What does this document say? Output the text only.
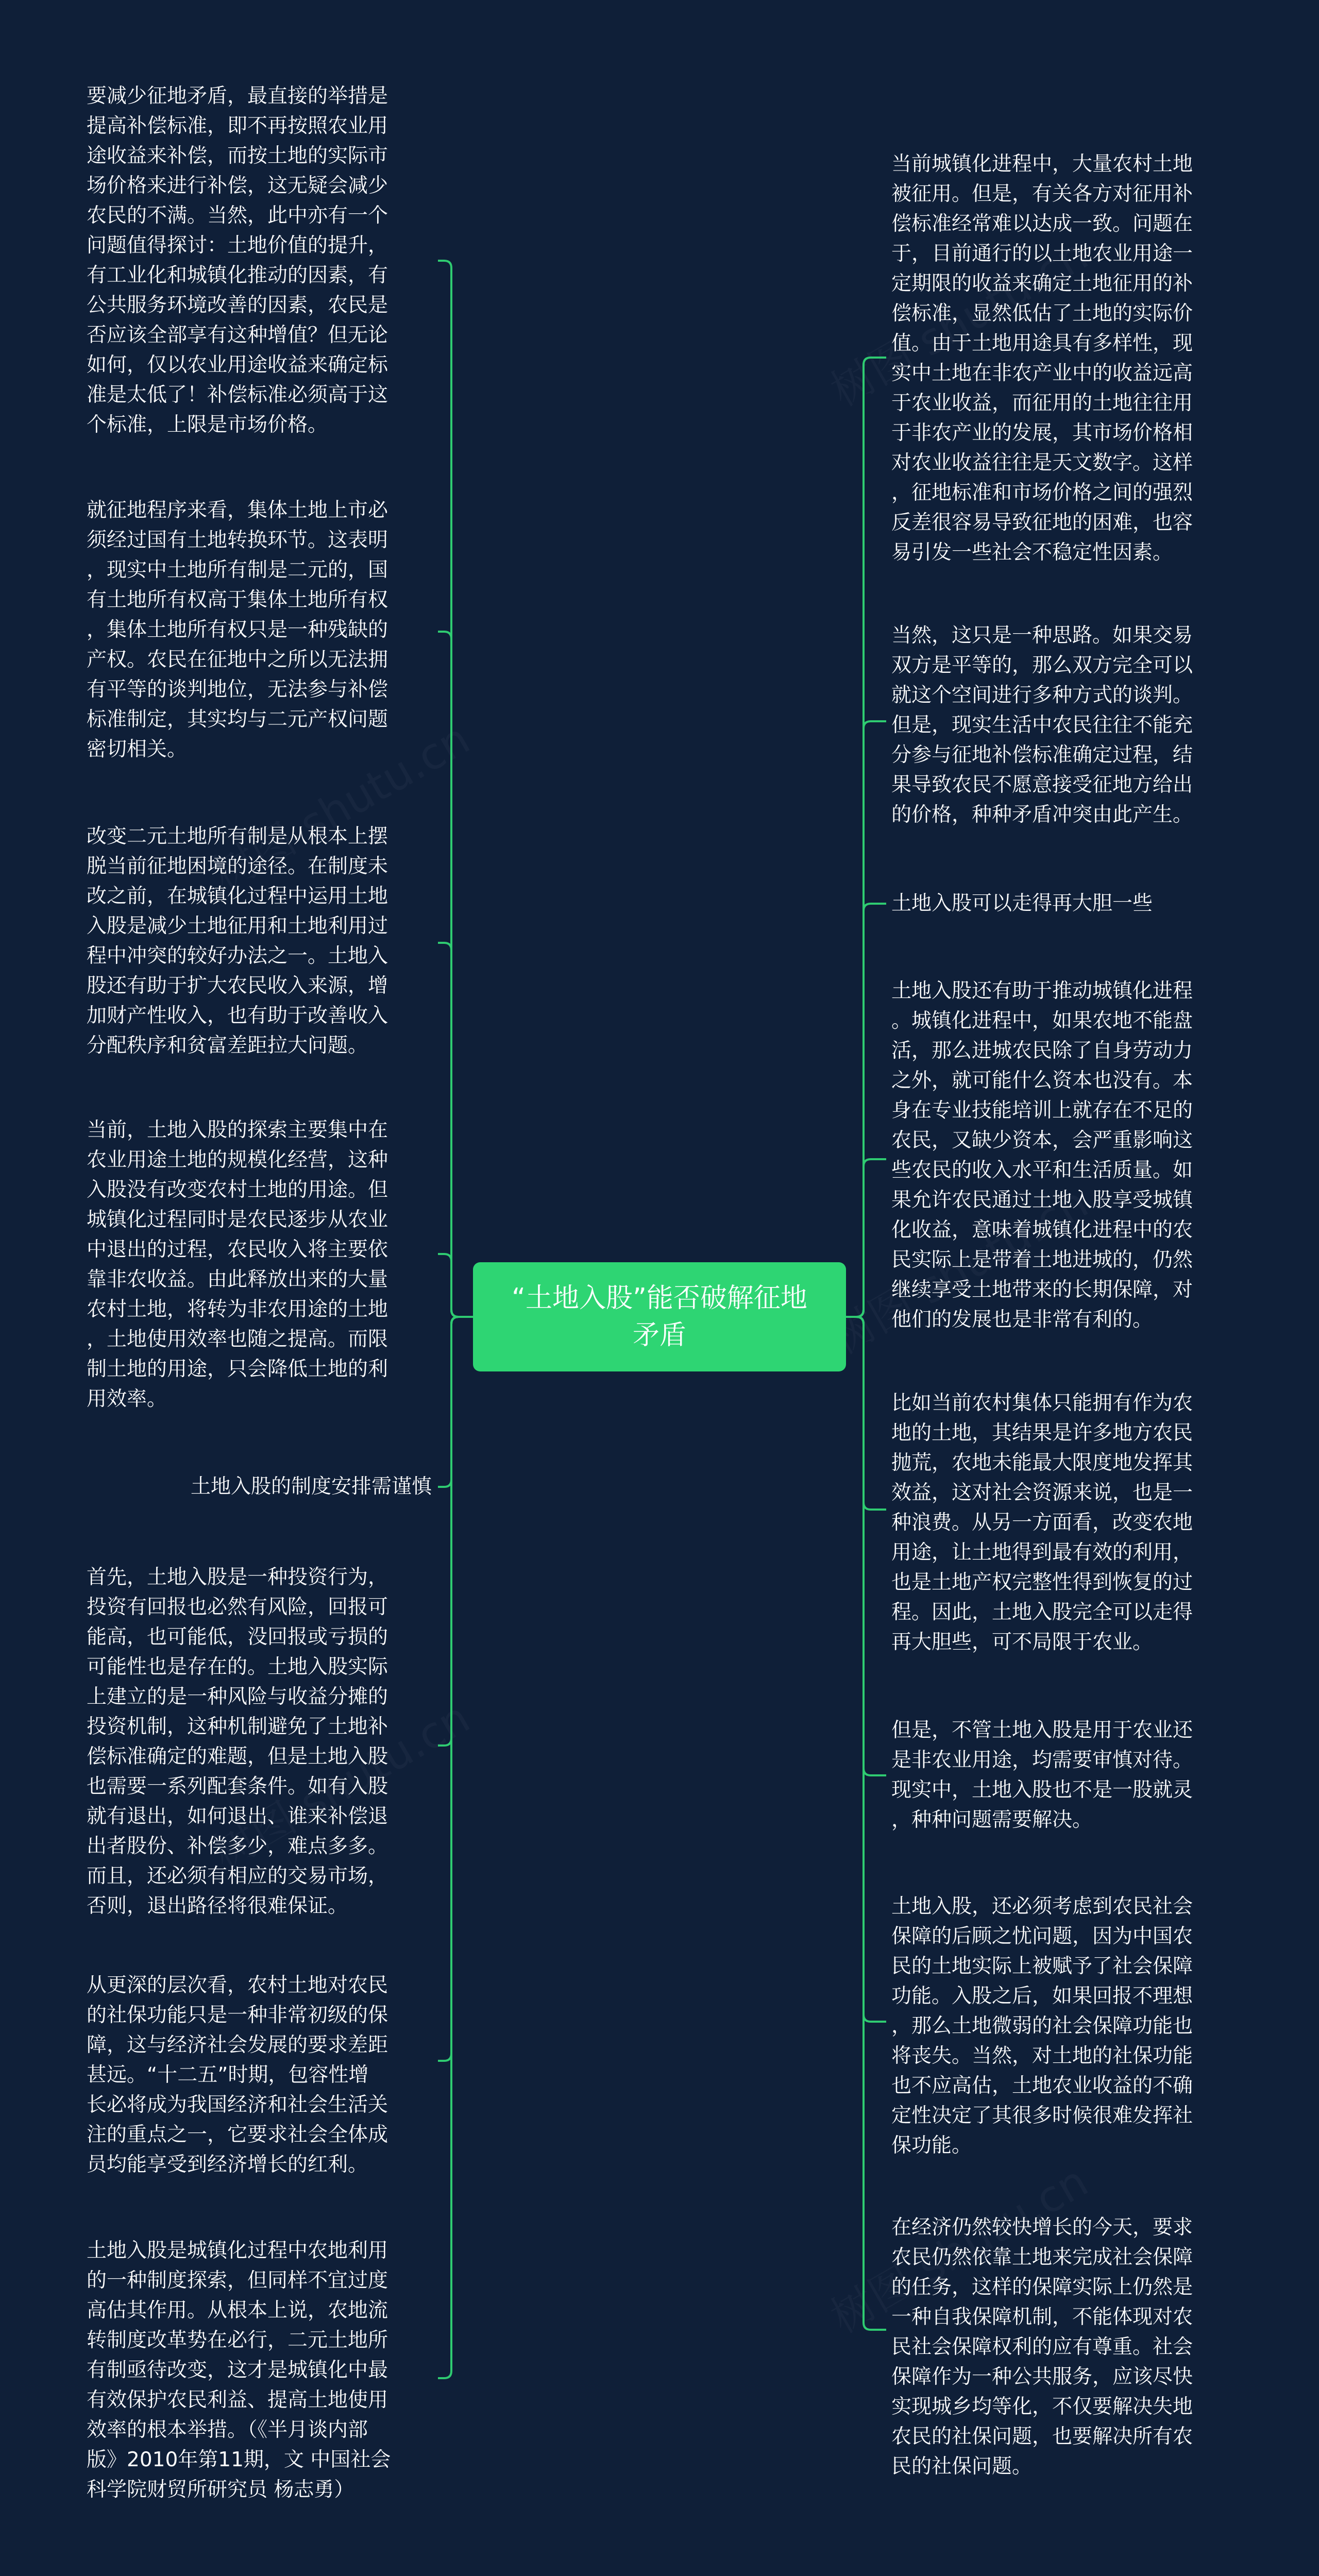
“土地入股”能否破解征地矛盾

要减少征地矛盾，最直接的举措是
提高补偿标准，即不再按照农业用
途收益来补偿，而按土地的实际市
场价格来进行补偿，这无疑会减少
农民的不满。当然，此中亦有一个
问题值得探讨：土地价值的提升，
有工业化和城镇化推动的因素，有
公共服务环境改善的因素，农民是
否应该全部享有这种增值？但无论
如何，仅以农业用途收益来确定标
准是太低了！补偿标准必须高于这
个标准，上限是市场价格。

就征地程序来看，集体土地上市必
须经过国有土地转换环节。这表明
，现实中土地所有制是二元的，国
有土地所有权高于集体土地所有权
，集体土地所有权只是一种残缺的
产权。农民在征地中之所以无法拥
有平等的谈判地位，无法参与补偿
标准制定，其实均与二元产权问题
密切相关。

改变二元土地所有制是从根本上摆
脱当前征地困境的途径。在制度未
改之前，在城镇化过程中运用土地
入股是减少土地征用和土地利用过
程中冲突的较好办法之一。土地入
股还有助于扩大农民收入来源，增
加财产性收入，也有助于改善收入
分配秩序和贫富差距拉大问题。

当前，土地入股的探索主要集中在
农业用途土地的规模化经营，这种
入股没有改变农村土地的用途。但
城镇化过程同时是农民逐步从农业
中退出的过程，农民收入将主要依
靠非农收益。由此释放出来的大量
农村土地，将转为非农用途的土地
，土地使用效率也随之提高。而限
制土地的用途，只会降低土地的利
用效率。

土地入股的制度安排需谨慎

首先，土地入股是一种投资行为，
投资有回报也必然有风险，回报可
能高，也可能低，没回报或亏损的
可能性也是存在的。土地入股实际
上建立的是一种风险与收益分摊的
投资机制，这种机制避免了土地补
偿标准确定的难题，但是土地入股
也需要一系列配套条件。如有入股
就有退出，如何退出、谁来补偿退
出者股份、补偿多少，难点多多。
而且，还必须有相应的交易市场，
否则，退出路径将很难保证。

从更深的层次看，农村土地对农民
的社保功能只是一种非常初级的保
障，这与经济社会发展的要求差距
甚远。“十二五”时期，包容性增
长必将成为我国经济和社会生活关
注的重点之一，它要求社会全体成
员均能享受到经济增长的红利。

土地入股是城镇化过程中农地利用
的一种制度探索，但同样不宜过度
高估其作用。从根本上说，农地流
转制度改革势在必行，二元土地所
有制亟待改变，这才是城镇化中最
有效保护农民利益、提高土地使用
效率的根本举措。（《半月谈内部
版》2010年第11期，文 中国社会
科学院财贸所研究员 杨志勇）

当前城镇化进程中，大量农村土地
被征用。但是，有关各方对征用补
偿标准经常难以达成一致。问题在
于，目前通行的以土地农业用途一
定期限的收益来确定土地征用的补
偿标准，显然低估了土地的实际价
值。由于土地用途具有多样性，现
实中土地在非农产业中的收益远高
于农业收益，而征用的土地往往用
于非农产业的发展，其市场价格相
对农业收益往往是天文数字。这样
，征地标准和市场价格之间的强烈
反差很容易导致征地的困难，也容
易引发一些社会不稳定性因素。

当然，这只是一种思路。如果交易
双方是平等的，那么双方完全可以
就这个空间进行多种方式的谈判。
但是，现实生活中农民往往不能充
分参与征地补偿标准确定过程，结
果导致农民不愿意接受征地方给出
的价格，种种矛盾冲突由此产生。

土地入股可以走得再大胆一些

土地入股还有助于推动城镇化进程
。城镇化进程中，如果农地不能盘
活，那么进城农民除了自身劳动力
之外，就可能什么资本也没有。本
身在专业技能培训上就存在不足的
农民，又缺少资本，会严重影响这
些农民的收入水平和生活质量。如
果允许农民通过土地入股享受城镇
化收益，意味着城镇化进程中的农
民实际上是带着土地进城的，仍然
继续享受土地带来的长期保障，对
他们的发展也是非常有利的。

比如当前农村集体只能拥有作为农
地的土地，其结果是许多地方农民
抛荒，农地未能最大限度地发挥其
效益，这对社会资源来说，也是一
种浪费。从另一方面看，改变农地
用途，让土地得到最有效的利用，
也是土地产权完整性得到恢复的过
程。因此，土地入股完全可以走得
再大胆些，可不局限于农业。

但是，不管土地入股是用于农业还
是非农业用途，均需要审慎对待。
现实中，土地入股也不是一股就灵
，种种问题需要解决。

土地入股，还必须考虑到农民社会
保障的后顾之忧问题，因为中国农
民的土地实际上被赋予了社会保障
功能。入股之后，如果回报不理想
，那么土地微弱的社会保障功能也
将丧失。当然，对土地的社保功能
也不应高估，土地农业收益的不确
定性决定了其很多时候很难发挥社
保功能。

在经济仍然较快增长的今天，要求
农民仍然依靠土地来完成社会保障
的任务，这样的保障实际上仍然是
一种自我保障机制，不能体现对农
民社会保障权利的应有尊重。社会
保障作为一种公共服务，应该尽快
实现城乡均等化，不仅要解决失地
农民的社保问题，也要解决所有农
民的社保问题。
